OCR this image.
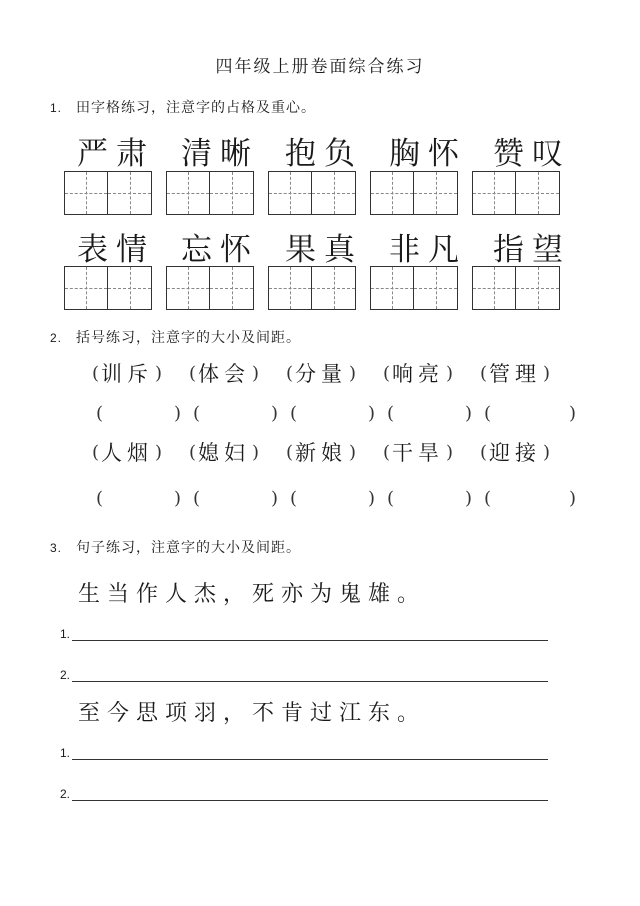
四年级上册卷面综合练习
1. 田字格练习，注意字的占格及重心。
严肃 清晰 抱负 胸怀 赞叹
表情 忘怀 果真 非凡 指望
2. 括号练习，注意字的大小及间距。
( 训斥 ) ( 体会 ) ( 分量 ) ( 响亮 ) ( 管理 )
(	) (	) (	) (	) (	)
( 人烟 ) ( 媳妇 ) ( 新娘 ) ( 干旱 ) ( 迎接 )
(	) (	) (	) (	) (	)
3. 句子练习，注意字的大小及间距。
生当作人杰，死亦为鬼雄。
1.
2.
至今思项羽，不肯过江东。
1.
2.
